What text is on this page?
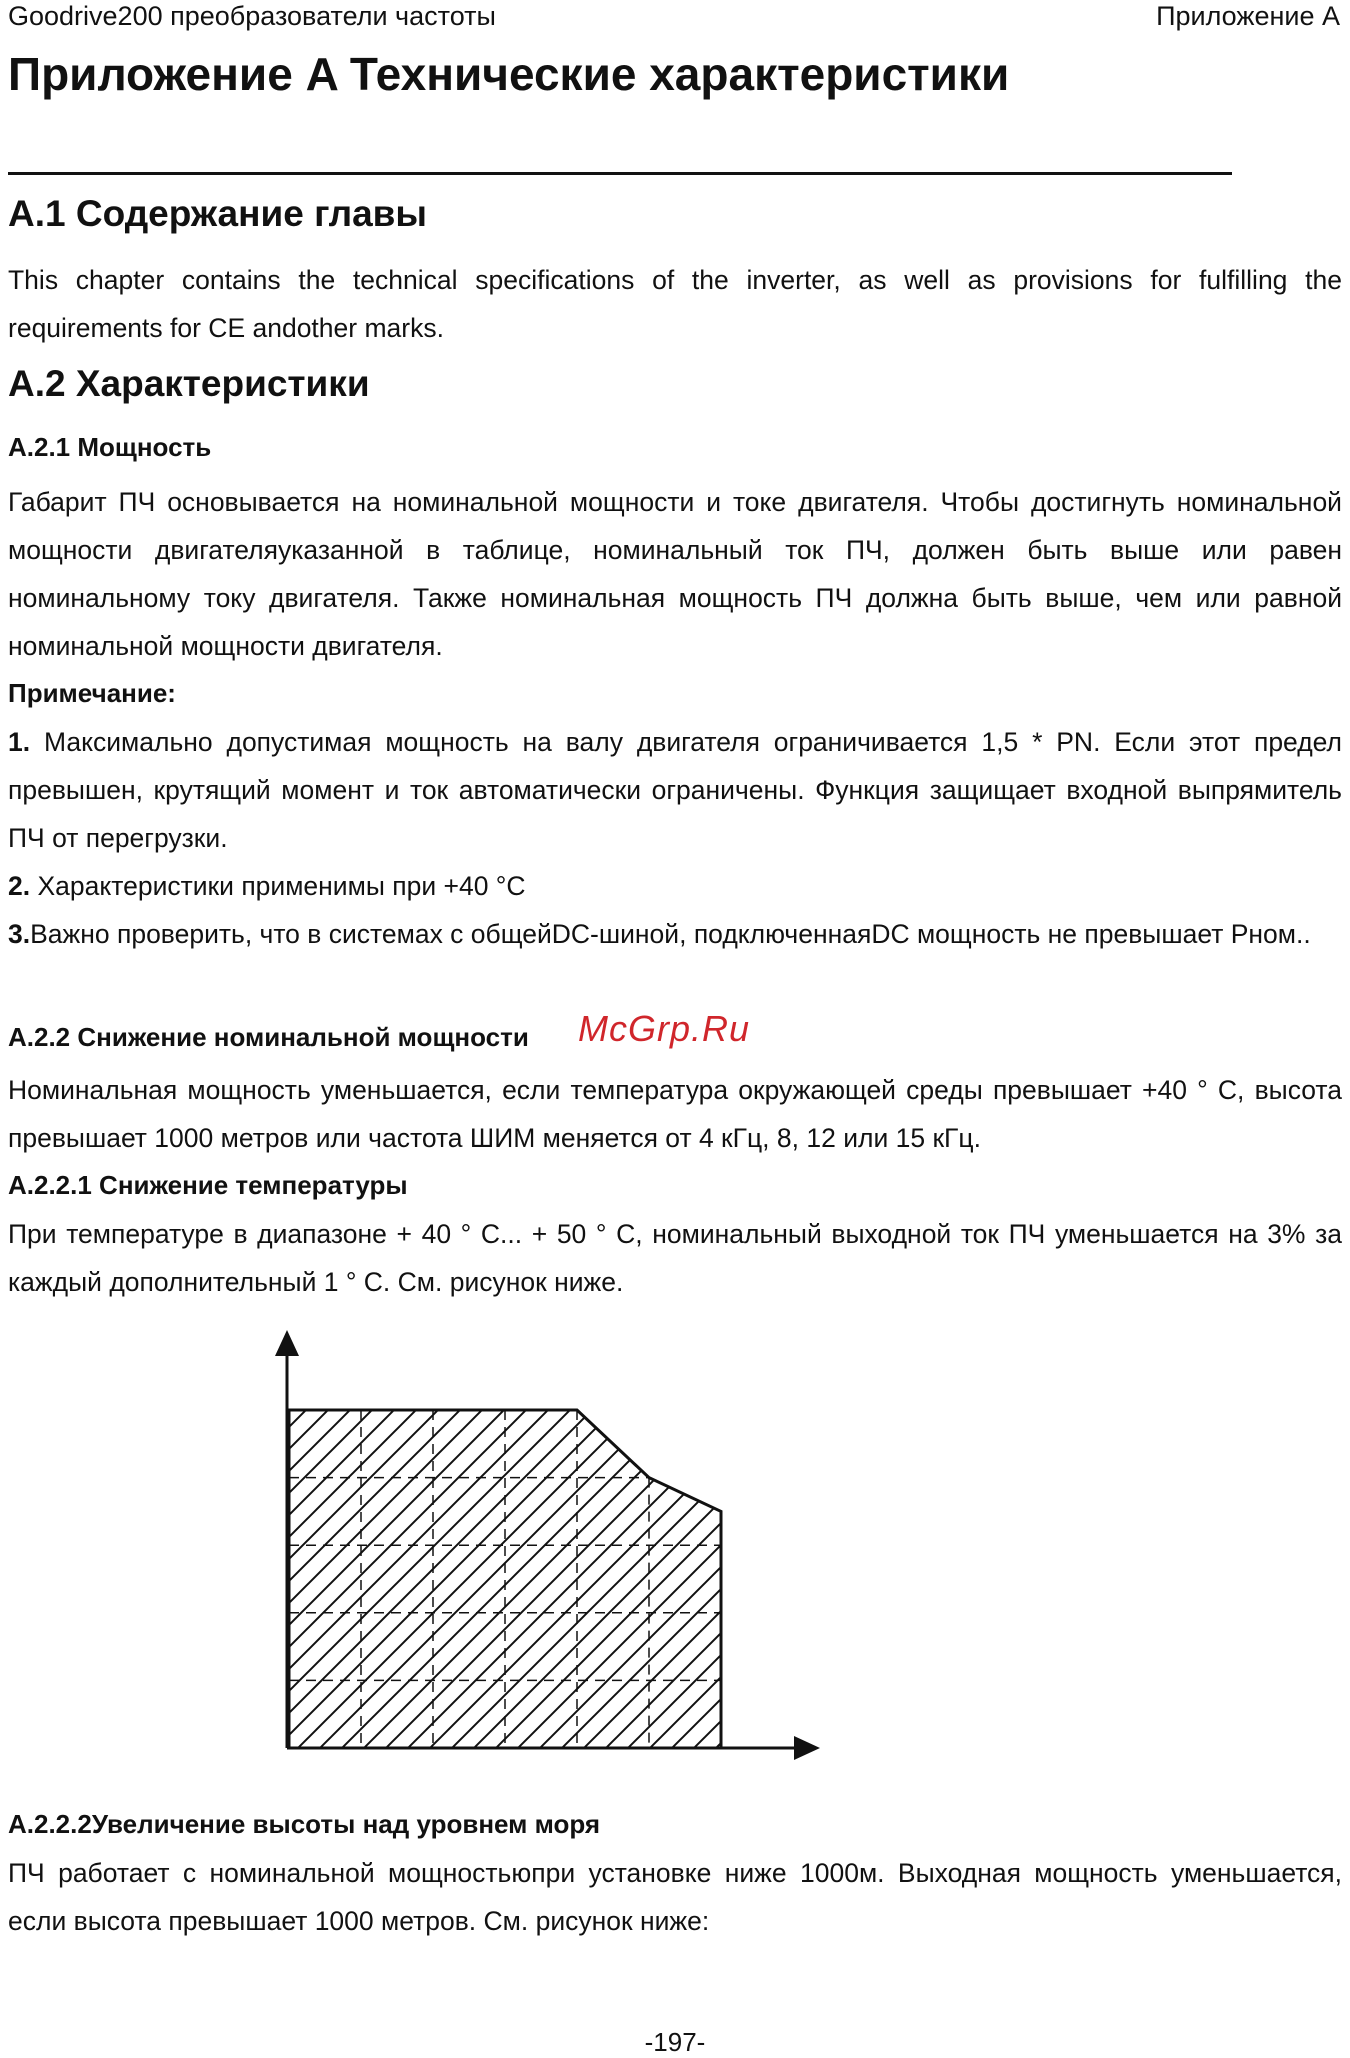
Goodrive200 преобразователи частоты	Приложение A
Приложение A Технические характеристики
A.1 Содержание главы
This chapter contains the technical specifications of the inverter, as well as provisions for fulfilling the requirements for CE andother marks.
A.2 Характеристики
A.2.1 Мощность
Габарит ПЧ основывается на номинальной мощности и токе двигателя. Чтобы достигнуть номинальной мощности двигателяуказанной в таблице, номинальный ток ПЧ, должен быть выше или равен номинальному току двигателя. Также номинальная мощность ПЧ должна быть выше, чем или равной номинальной мощности двигателя.
Примечание:
1. Максимально допустимая мощность на валу двигателя ограничивается 1,5 * PN. Если этот предел превышен, крутящий момент и ток автоматически ограничены. Функция защищает входной выпрямитель ПЧ от перегрузки.
2. Характеристики применимы при +40 °C
3.Важно проверить, что в системах с общейDC-шиной, подключеннаяDC мощность не превышает Рном..
A.2.2 Снижение номинальной мощности McGrp.Ru
Номинальная мощность уменьшается, если температура окружающей среды превышает +40 ° C, высота превышает 1000 метров или частота ШИМ меняется от 4 кГц, 8, 12 или 15 кГц.
A.2.2.1 Снижение температуры
При температуре в диапазоне + 40 ° C... + 50 ° C, номинальный выходной ток ПЧ уменьшается на 3% за каждый дополнительный 1 ° C. См. рисунок ниже.
A.2.2.2Увеличение высоты над уровнем моря
ПЧ работает с номинальной мощностьюпри установке ниже 1000м. Выходная мощность уменьшается, если высота превышает 1000 метров. См. рисунок ниже:
-197-
